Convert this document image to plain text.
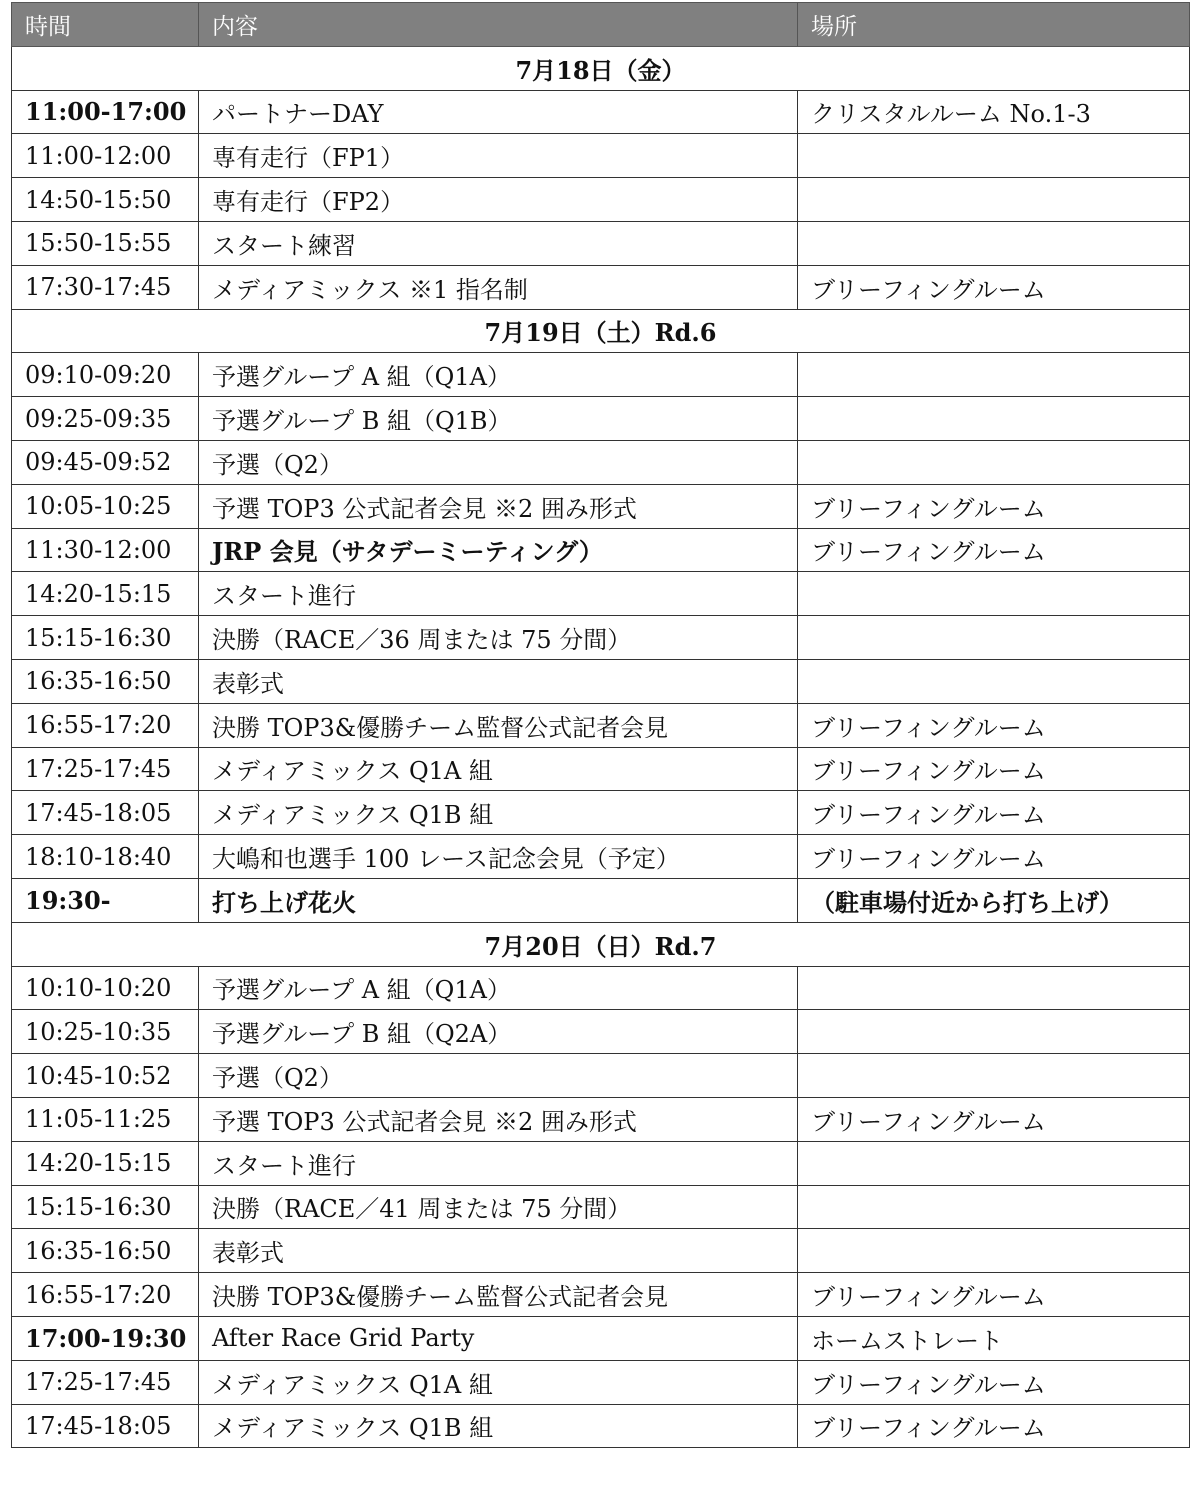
時間	内容	場所
7月18日（金）		
11:00-17:00	パートナーDAY	クリスタルルーム No.1-3
11:00-12:00	専有走行（FP1）	
14:50-15:50	専有走行（FP2）	
15:50-15:55	スタート練習	
17:30-17:45	メディアミックス ※1 指名制	ブリーフィングルーム
7月19日（土）Rd.6		
09:10-09:20	予選グループ A 組（Q1A）	
09:25-09:35	予選グループ B 組（Q1B）	
09:45-09:52	予選（Q2）	
10:05-10:25	予選 TOP3 公式記者会見 ※2 囲み形式	ブリーフィングルーム
11:30-12:00	JRP 会見（サタデーミーティング）	ブリーフィングルーム
14:20-15:15	スタート進行	
15:15-16:30	決勝（RACE／36 周または 75 分間）	
16:35-16:50	表彰式	
16:55-17:20	決勝 TOP3&優勝チーム監督公式記者会見	ブリーフィングルーム
17:25-17:45	メディアミックス Q1A 組	ブリーフィングルーム
17:45-18:05	メディアミックス Q1B 組	ブリーフィングルーム
18:10-18:40	大嶋和也選手 100 レース記念会見（予定）	ブリーフィングルーム
19:30-	打ち上げ花火	（駐車場付近から打ち上げ）
7月20日（日）Rd.7		
10:10-10:20	予選グループ A 組（Q1A）	
10:25-10:35	予選グループ B 組（Q2A）	
10:45-10:52	予選（Q2）	
11:05-11:25	予選 TOP3 公式記者会見 ※2 囲み形式	ブリーフィングルーム
14:20-15:15	スタート進行	
15:15-16:30	決勝（RACE／41 周または 75 分間）	
16:35-16:50	表彰式	
16:55-17:20	決勝 TOP3&優勝チーム監督公式記者会見	ブリーフィングルーム
17:00-19:30	After Race Grid Party	ホームストレート
17:25-17:45	メディアミックス Q1A 組	ブリーフィングルーム
17:45-18:05	メディアミックス Q1B 組	ブリーフィングルーム
